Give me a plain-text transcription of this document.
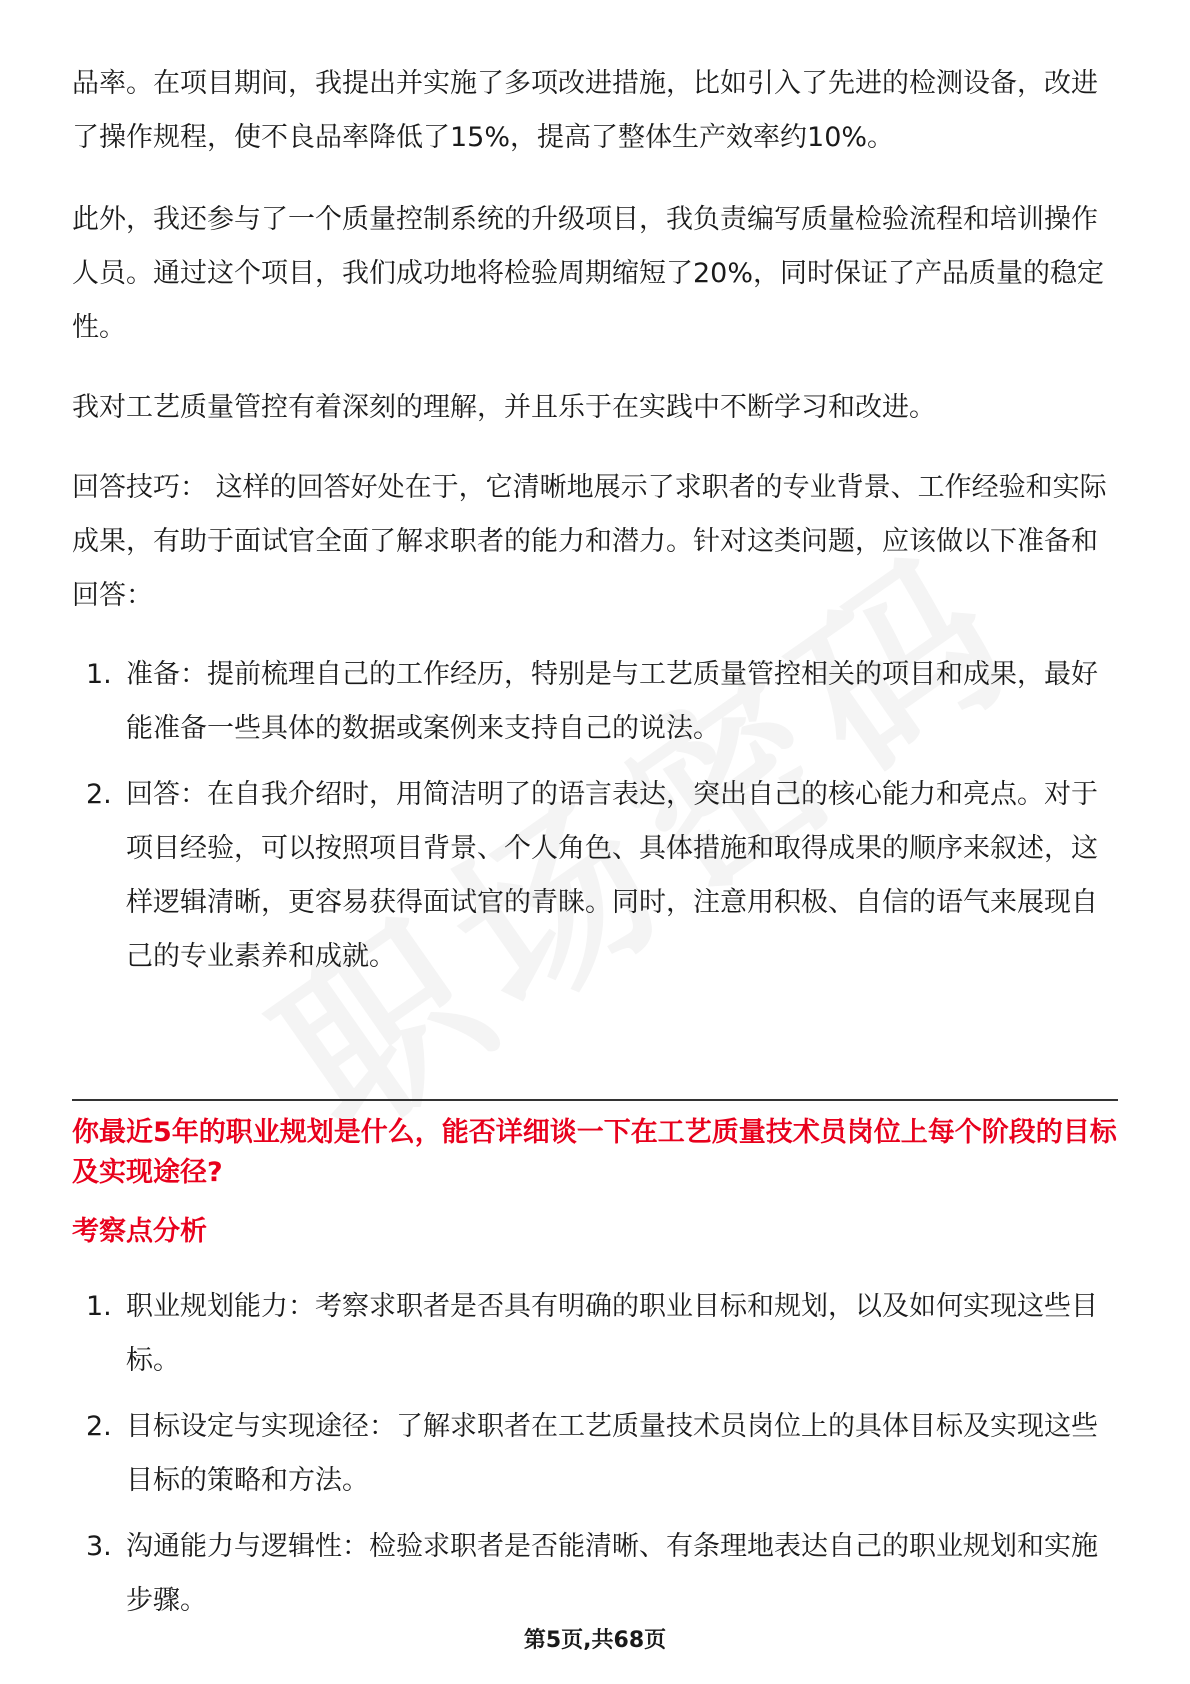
品率。在项目期间，我提出并实施了多项改进措施，比如引入了先进的检测设备，改进了操作规程，使不良品率降低了15%，提高了整体生产效率约10%。

此外，我还参与了一个质量控制系统的升级项目，我负责编写质量检验流程和培训操作人员。通过这个项目，我们成功地将检验周期缩短了20%，同时保证了产品质量的稳定性。

我对工艺质量管控有着深刻的理解，并且乐于在实践中不断学习和改进。

回答技巧： 这样的回答好处在于，它清晰地展示了求职者的专业背景、工作经验和实际成果，有助于面试官全面了解求职者的能力和潜力。针对这类问题，应该做以下准备和回答：

1. 准备：提前梳理自己的工作经历，特别是与工艺质量管控相关的项目和成果，最好能准备一些具体的数据或案例来支持自己的说法。
2. 回答：在自我介绍时，用简洁明了的语言表达，突出自己的核心能力和亮点。对于项目经验，可以按照项目背景、个人角色、具体措施和取得成果的顺序来叙述，这样逻辑清晰，更容易获得面试官的青睐。同时，注意用积极、自信的语气来展现自己的专业素养和成就。
你最近5年的职业规划是什么，能否详细谈一下在工艺质量技术员岗位上每个阶段的目标及实现途径?
考察点分析
1. 职业规划能力：考察求职者是否具有明确的职业目标和规划，以及如何实现这些目标。
2. 目标设定与实现途径：了解求职者在工艺质量技术员岗位上的具体目标及实现这些目标的策略和方法。
3. 沟通能力与逻辑性：检验求职者是否能清晰、有条理地表达自己的职业规划和实施步骤。
第5页,共68页
